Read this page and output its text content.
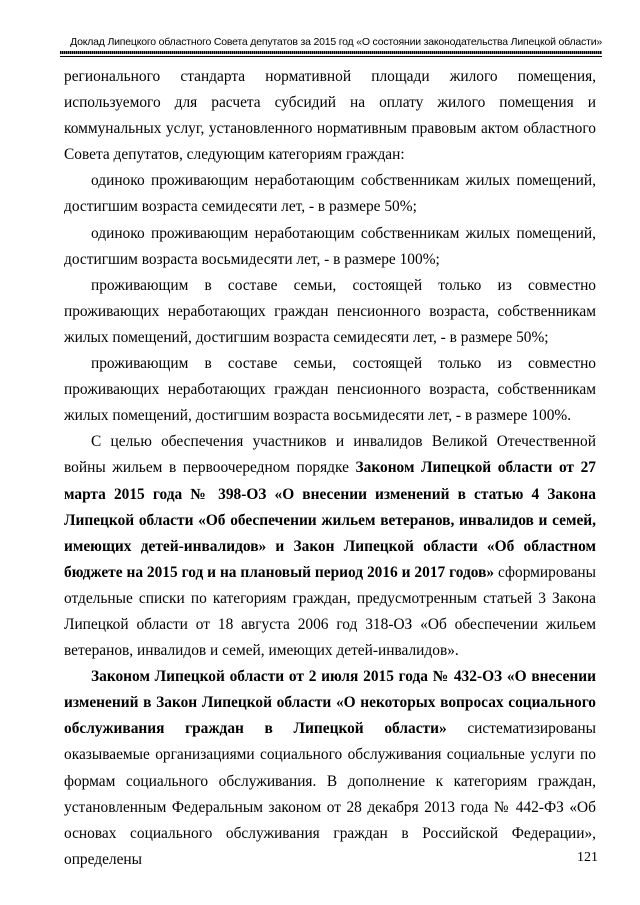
Доклад Липецкого областного Совета депутатов за 2015 год «О состоянии законодательства Липецкой области»

регионального стандарта нормативной площади жилого помещения, используемого для расчета субсидий на оплату жилого помещения и коммунальных услуг, установленного нормативным правовым актом областного Совета депутатов, следующим категориям граждан:

одиноко проживающим неработающим собственникам жилых помещений, достигшим возраста семидесяти лет, - в размере 50%;

одиноко проживающим неработающим собственникам жилых помещений, достигшим возраста восьмидесяти лет, - в размере 100%;

проживающим в составе семьи, состоящей только из совместно проживающих неработающих граждан пенсионного возраста, собственникам жилых помещений, достигшим возраста семидесяти лет, - в размере 50%;

проживающим в составе семьи, состоящей только из совместно проживающих неработающих граждан пенсионного возраста, собственникам жилых помещений, достигшим возраста восьмидесяти лет, - в размере 100%.

С целью обеспечения участников и инвалидов Великой Отечественной войны жильем в первоочередном порядке Законом Липецкой области от 27 марта 2015 года № 398-ОЗ «О внесении изменений в статью 4 Закона Липецкой области «Об обеспечении жильем ветеранов, инвалидов и семей, имеющих детей-инвалидов» и Закон Липецкой области «Об областном бюджете на 2015 год и на плановый период 2016 и 2017 годов» сформированы отдельные списки по категориям граждан, предусмотренным статьей 3 Закона Липецкой области от 18 августа 2006 год 318-ОЗ «Об обеспечении жильем ветеранов, инвалидов и семей, имеющих детей-инвалидов».

Законом Липецкой области от 2 июля 2015 года № 432-ОЗ «О внесении изменений в Закон Липецкой области «О некоторых вопросах социального обслуживания граждан в Липецкой области» систематизированы оказываемые организациями социального обслуживания социальные услуги по формам социального обслуживания. В дополнение к категориям граждан, установленным Федеральным законом от 28 декабря 2013 года № 442-ФЗ «Об основах социального обслуживания граждан в Российской Федерации», определены	121
